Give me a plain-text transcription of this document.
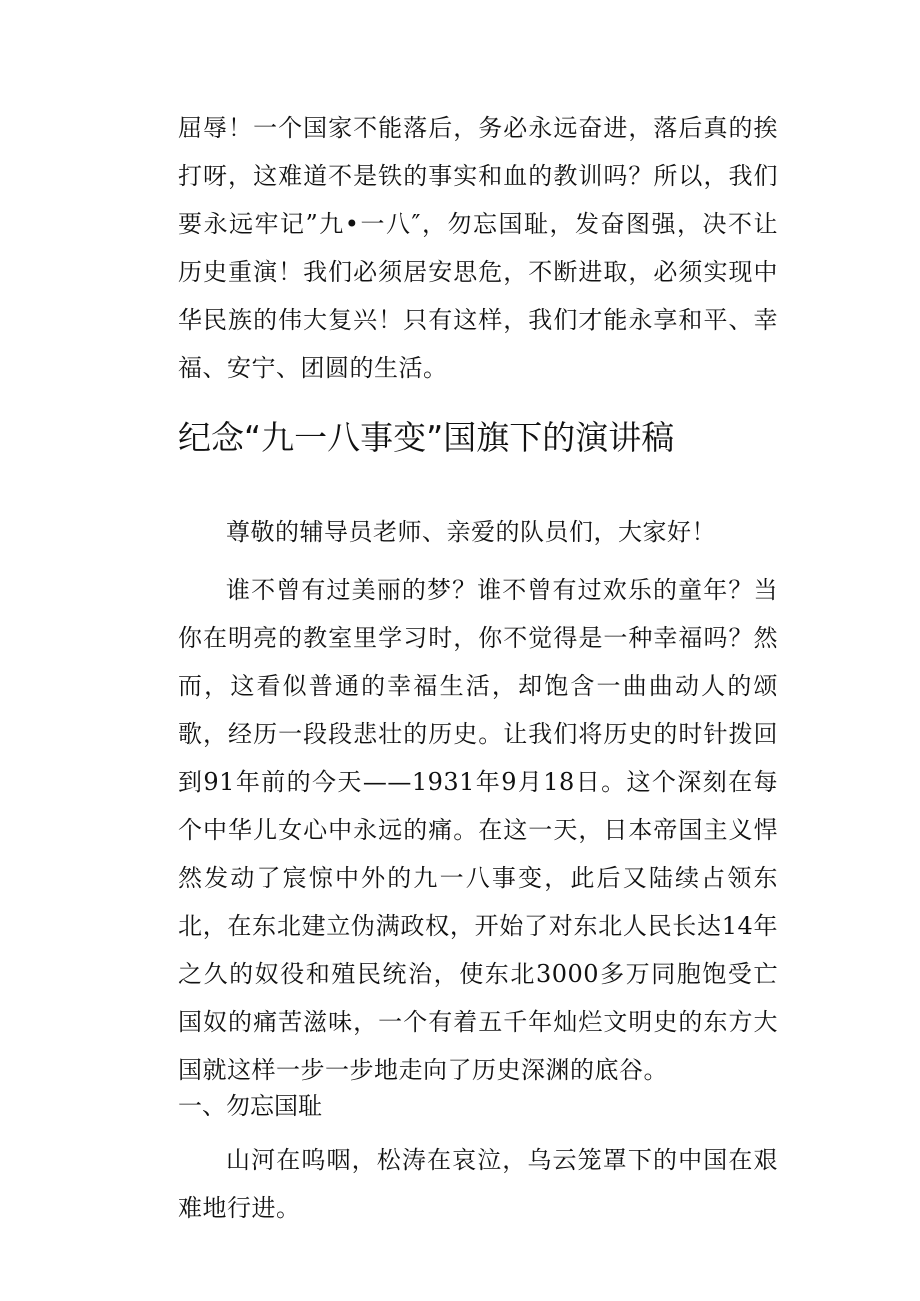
屈辱！一个国家不能落后，务必永远奋进，落后真的挨打呀，这难道不是铁的事实和血的教训吗？所以，我们要永远牢记”九•一八″，勿忘国耻，发奋图强，决不让历史重演！我们必须居安思危，不断进取，必须实现中华民族的伟大复兴！只有这样，我们才能永享和平、幸福、安宁、团圆的生活。

纪念“九一八事变”国旗下的演讲稿

尊敬的辅导员老师、亲爱的队员们，大家好！

谁不曾有过美丽的梦？谁不曾有过欢乐的童年？当你在明亮的教室里学习时，你不觉得是一种幸福吗？然而，这看似普通的幸福生活，却饱含一曲曲动人的颂歌，经历一段段悲壮的历史。让我们将历史的时针拨回到91年前的今天——1931年9月18日。这个深刻在每个中华儿女心中永远的痛。在这一天，日本帝国主义悍然发动了宸惊中外的九一八事变，此后又陆续占领东北，在东北建立伪满政权，开始了对东北人民长达14年之久的奴役和殖民统治，使东北3000多万同胞饱受亡国奴的痛苦滋味，一个有着五千年灿烂文明史的东方大国就这样一步一步地走向了历史深渊的底谷。

一、勿忘国耻

山河在呜咽，松涛在哀泣，乌云笼罩下的中国在艰难地行进。
